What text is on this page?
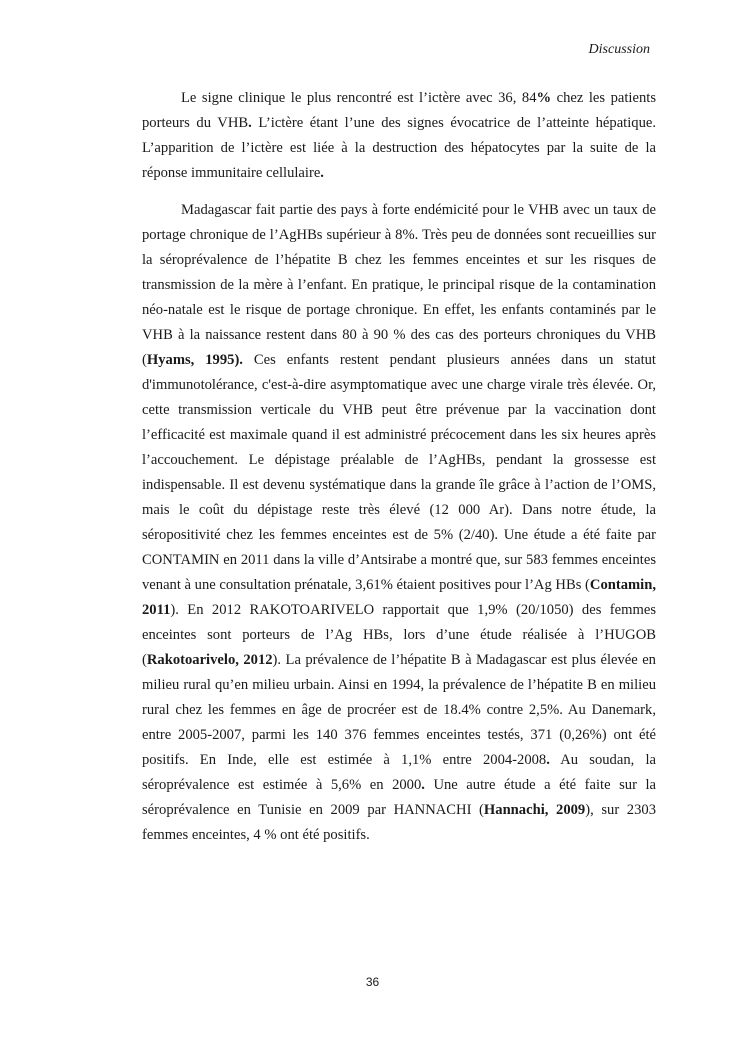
Discussion

Le signe clinique le plus rencontré est l’ictère avec 36, 84% chez les patients porteurs du VHB. L’ictère étant l’une des signes évocatrice de l’atteinte hépatique. L’apparition de l’ictère est liée à la destruction des hépatocytes par la suite de la réponse immunitaire cellulaire.

Madagascar fait partie des pays à forte endémicité pour le VHB avec un taux de portage chronique de l’AgHBs supérieur à 8%. Très peu de données sont recueillies sur la séroprévalence de l’hépatite B chez les femmes enceintes et sur les risques de transmission de la mère à l’enfant. En pratique, le principal risque de la contamination néo-natale est le risque de portage chronique. En effet, les enfants contaminés par le VHB à la naissance restent dans 80 à 90 % des cas des porteurs chroniques du VHB (Hyams, 1995). Ces enfants restent pendant plusieurs années dans un statut d'immunotolérance, c'est-à-dire asymptomatique avec une charge virale très élevée. Or, cette transmission verticale du VHB peut être prévenue par la vaccination dont l’efficacité est maximale quand il est administré précocement dans les six heures après l’accouchement. Le dépistage préalable de l’AgHBs, pendant la grossesse est indispensable. Il est devenu systématique dans la grande île grâce à l’action de l’OMS, mais le coût du dépistage reste très élevé (12 000 Ar). Dans notre étude, la séropositivité chez les femmes enceintes est de 5% (2/40). Une étude a été faite par CONTAMIN en 2011 dans la ville d’Antsirabe a montré que, sur 583 femmes enceintes venant à une consultation prénatale, 3,61% étaient positives pour l’Ag HBs (Contamin, 2011). En 2012 RAKOTOARIVELO rapportait que 1,9% (20/1050) des femmes enceintes sont porteurs de l’Ag HBs, lors d’une étude réalisée à l’HUGOB (Rakotoarivelo, 2012). La prévalence de l’hépatite B à Madagascar est plus élevée en milieu rural qu’en milieu urbain. Ainsi en 1994, la prévalence de l’hépatite B en milieu rural chez les femmes en âge de procréer est de 18.4% contre 2,5%. Au Danemark, entre 2005-2007, parmi les 140 376 femmes enceintes testés, 371 (0,26%) ont été positifs. En Inde, elle est estimée à 1,1% entre 2004-2008. Au soudan, la séroprévalence est estimée à 5,6% en 2000. Une autre étude a été faite sur la séroprévalence en Tunisie en 2009 par HANNACHI (Hannachi, 2009), sur 2303 femmes enceintes, 4 % ont été positifs.

36
